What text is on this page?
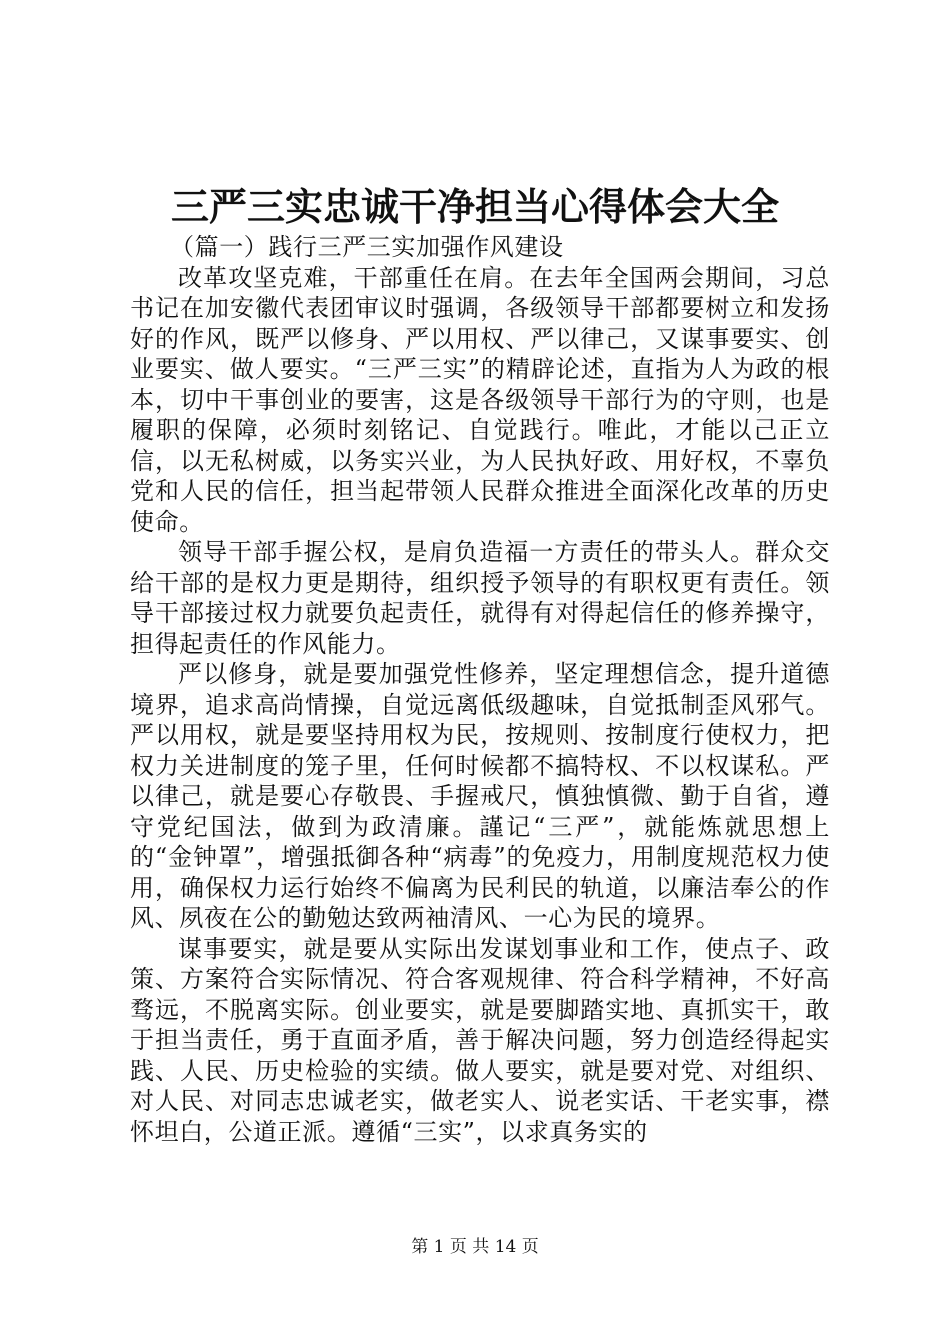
三严三实忠诚干净担当心得体会大全

（篇一）践行三严三实加强作风建设

改革攻坚克难，干部重任在肩。在去年全国两会期间，习总书记在加安徽代表团审议时强调，各级领导干部都要树立和发扬好的作风，既严以修身、严以用权、严以律己，又谋事要实、创业要实、做人要实。“三严三实”的精辟论述，直指为人为政的根本，切中干事创业的要害，这是各级领导干部行为的守则，也是履职的保障，必须时刻铭记、自觉践行。唯此，才能以己正立信，以无私树威，以务实兴业，为人民执好政、用好权，不辜负党和人民的信任，担当起带领人民群众推进全面深化改革的历史使命。

领导干部手握公权，是肩负造福一方责任的带头人。群众交给干部的是权力更是期待，组织授予领导的有职权更有责任。领导干部接过权力就要负起责任，就得有对得起信任的修养操守，担得起责任的作风能力。

严以修身，就是要加强党性修养，坚定理想信念，提升道德境界，追求高尚情操，自觉远离低级趣味，自觉抵制歪风邪气。严以用权，就是要坚持用权为民，按规则、按制度行使权力，把权力关进制度的笼子里，任何时候都不搞特权、不以权谋私。严以律己，就是要心存敬畏、手握戒尺，慎独慎微、勤于自省，遵守党纪国法，做到为政清廉。謹记“三严”，就能炼就思想上的“金钟罩”，增强抵御各种“病毒”的免疫力，用制度规范权力使用，确保权力运行始终不偏离为民利民的轨道，以廉洁奉公的作风、夙夜在公的勤勉达致两袖清风、一心为民的境界。

谋事要实，就是要从实际出发谋划事业和工作，使点子、政策、方案符合实际情况、符合客观规律、符合科学精神，不好高骛远，不脱离实际。创业要实，就是要脚踏实地、真抓实干，敢于担当责任，勇于直面矛盾，善于解决问题，努力创造经得起实践、人民、历史检验的实绩。做人要实，就是要对党、对组织、对人民、对同志忠诚老实，做老实人、说老实话、干老实事，襟怀坦白，公道正派。遵循“三实”，以求真务实的

第 1 页 共 14 页
